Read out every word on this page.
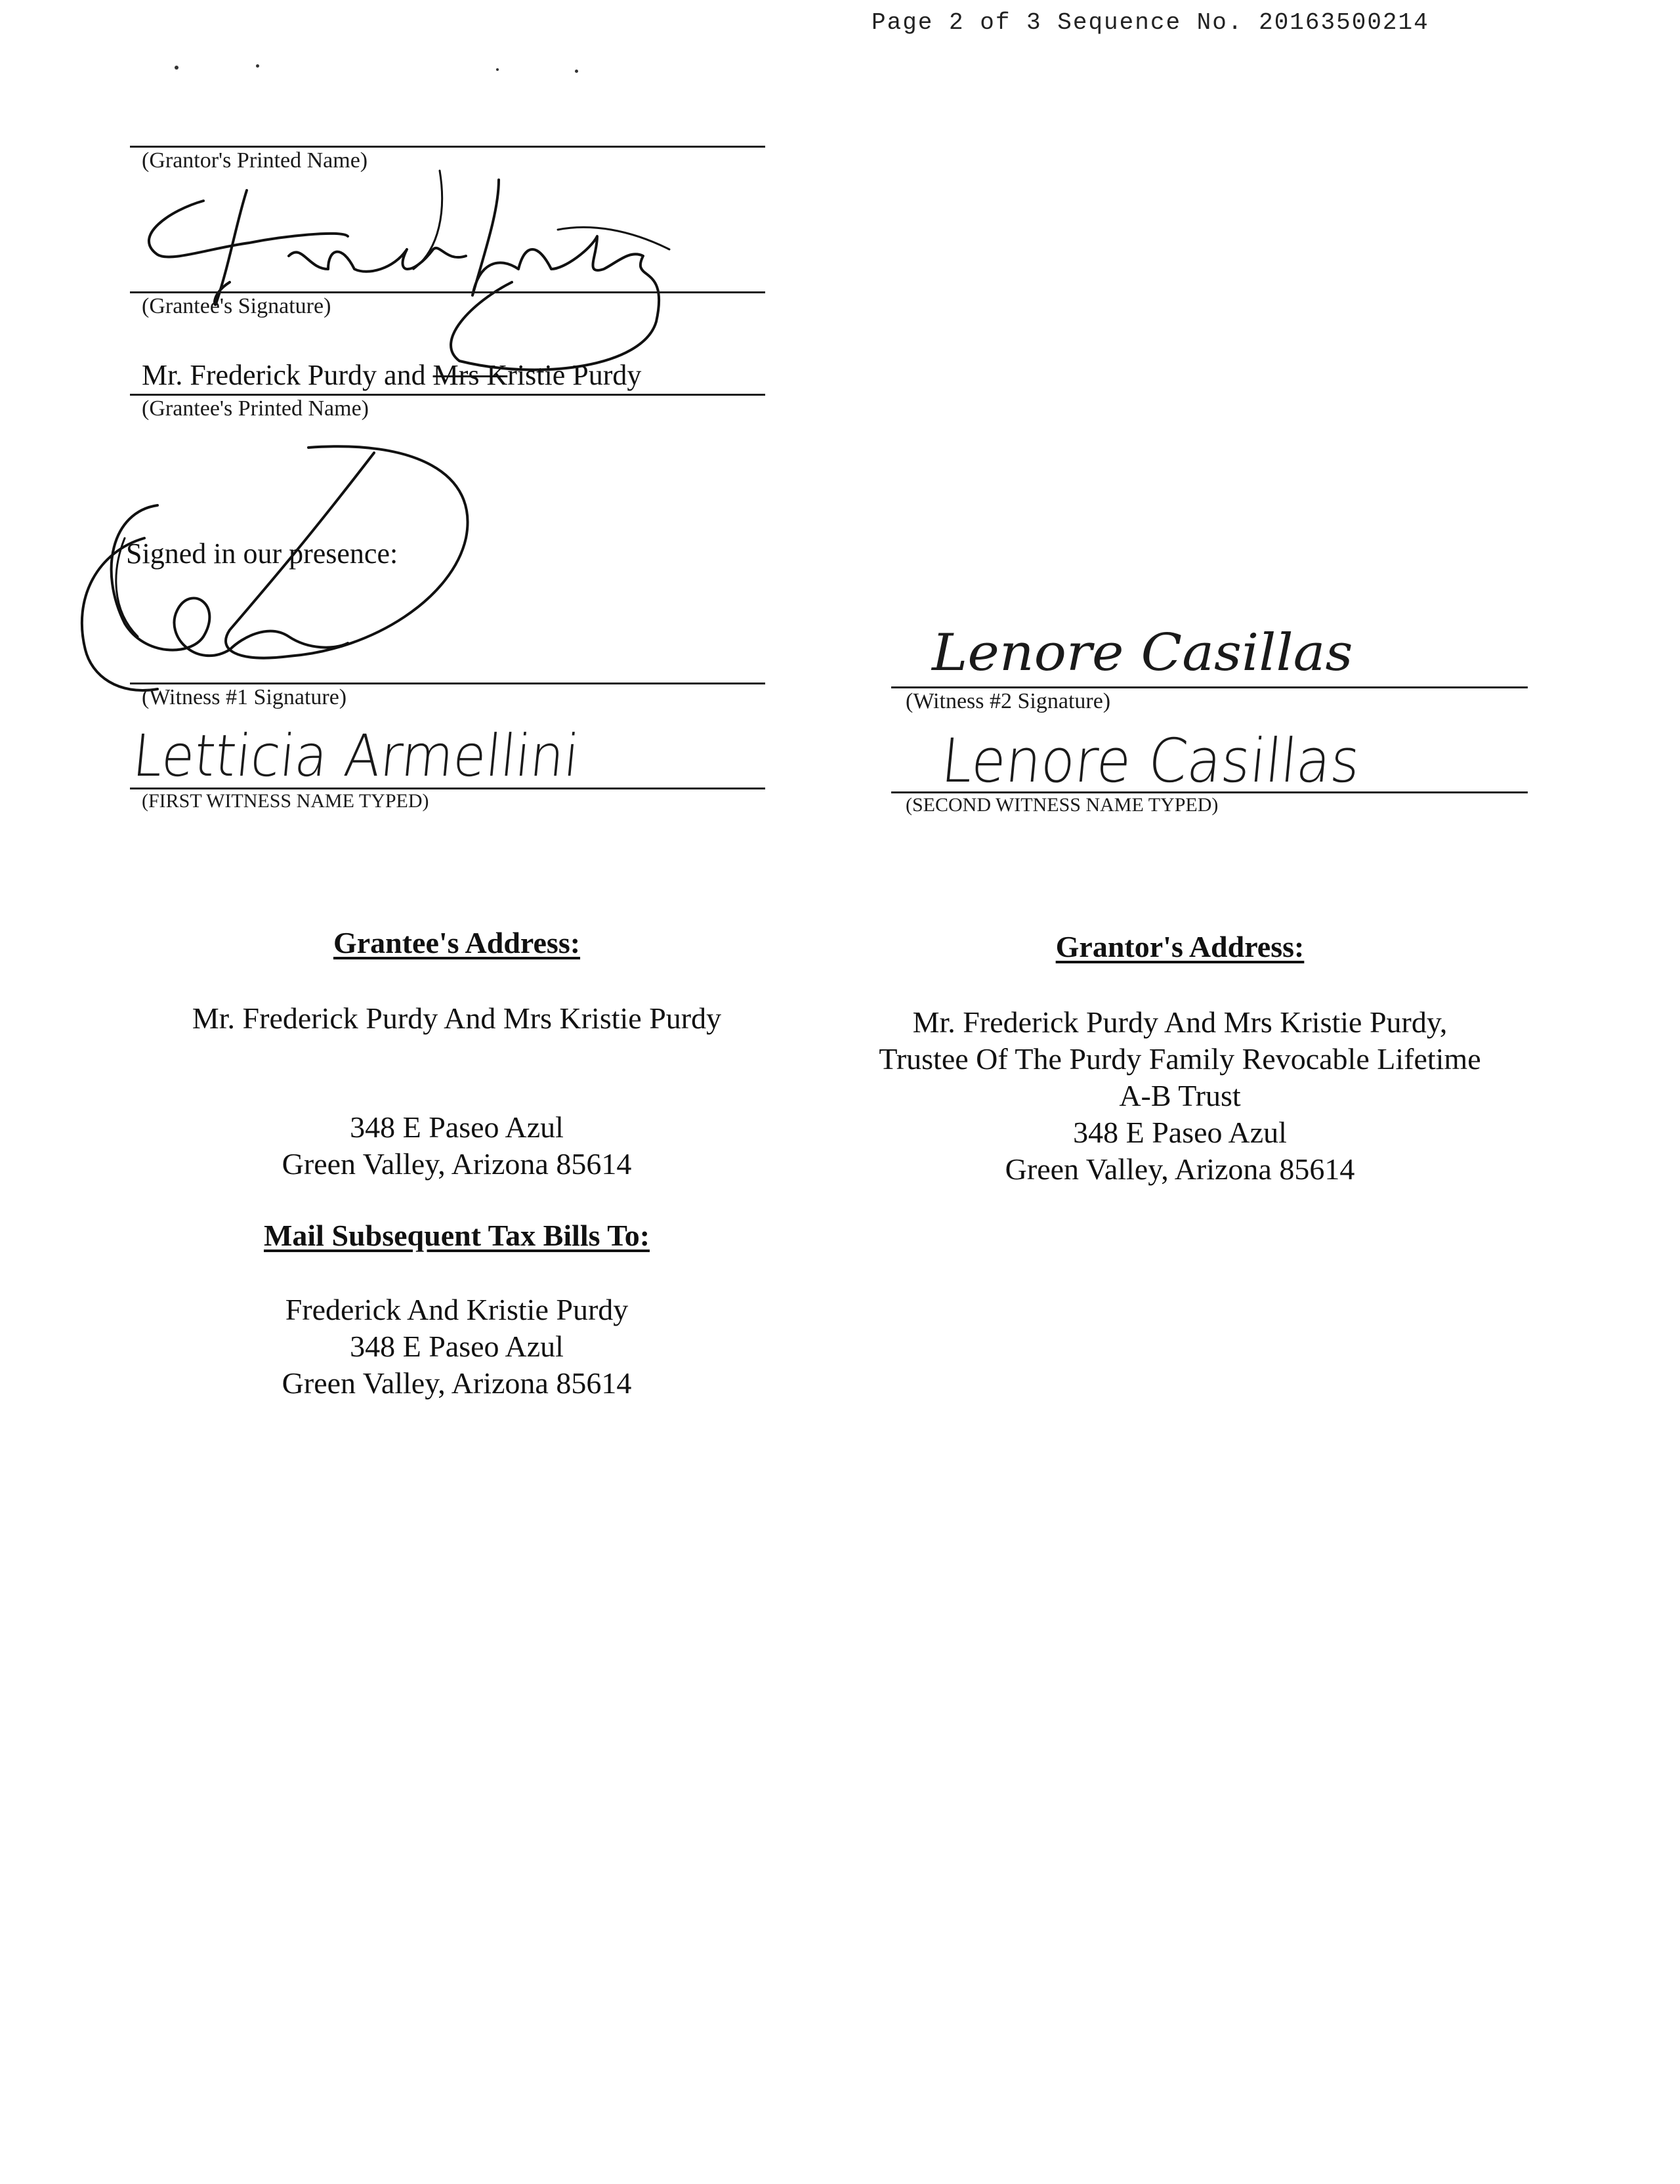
Page 2 of 3 Sequence No. 20163500214
(Grantor's Printed Name)
(Grantee's Signature)
Mr. Frederick Purdy and Mrs Kristie Purdy
(Grantee's Printed Name)
Signed in our presence:
(Witness #1 Signature)
Letticia Armellini
(FIRST WITNESS NAME TYPED)
Lenore Casillas
(Witness #2 Signature)
Lenore Casillas
(SECOND WITNESS NAME TYPED)
Grantee's Address:
Mr. Frederick Purdy And Mrs Kristie Purdy
348 E Paseo Azul
Green Valley, Arizona 85614
Grantor's Address:
Mr. Frederick Purdy And Mrs Kristie Purdy,
Trustee Of The Purdy Family Revocable Lifetime
A-B Trust
348 E Paseo Azul
Green Valley, Arizona 85614
Mail Subsequent Tax Bills To:
Frederick And Kristie Purdy
348 E Paseo Azul
Green Valley, Arizona 85614
